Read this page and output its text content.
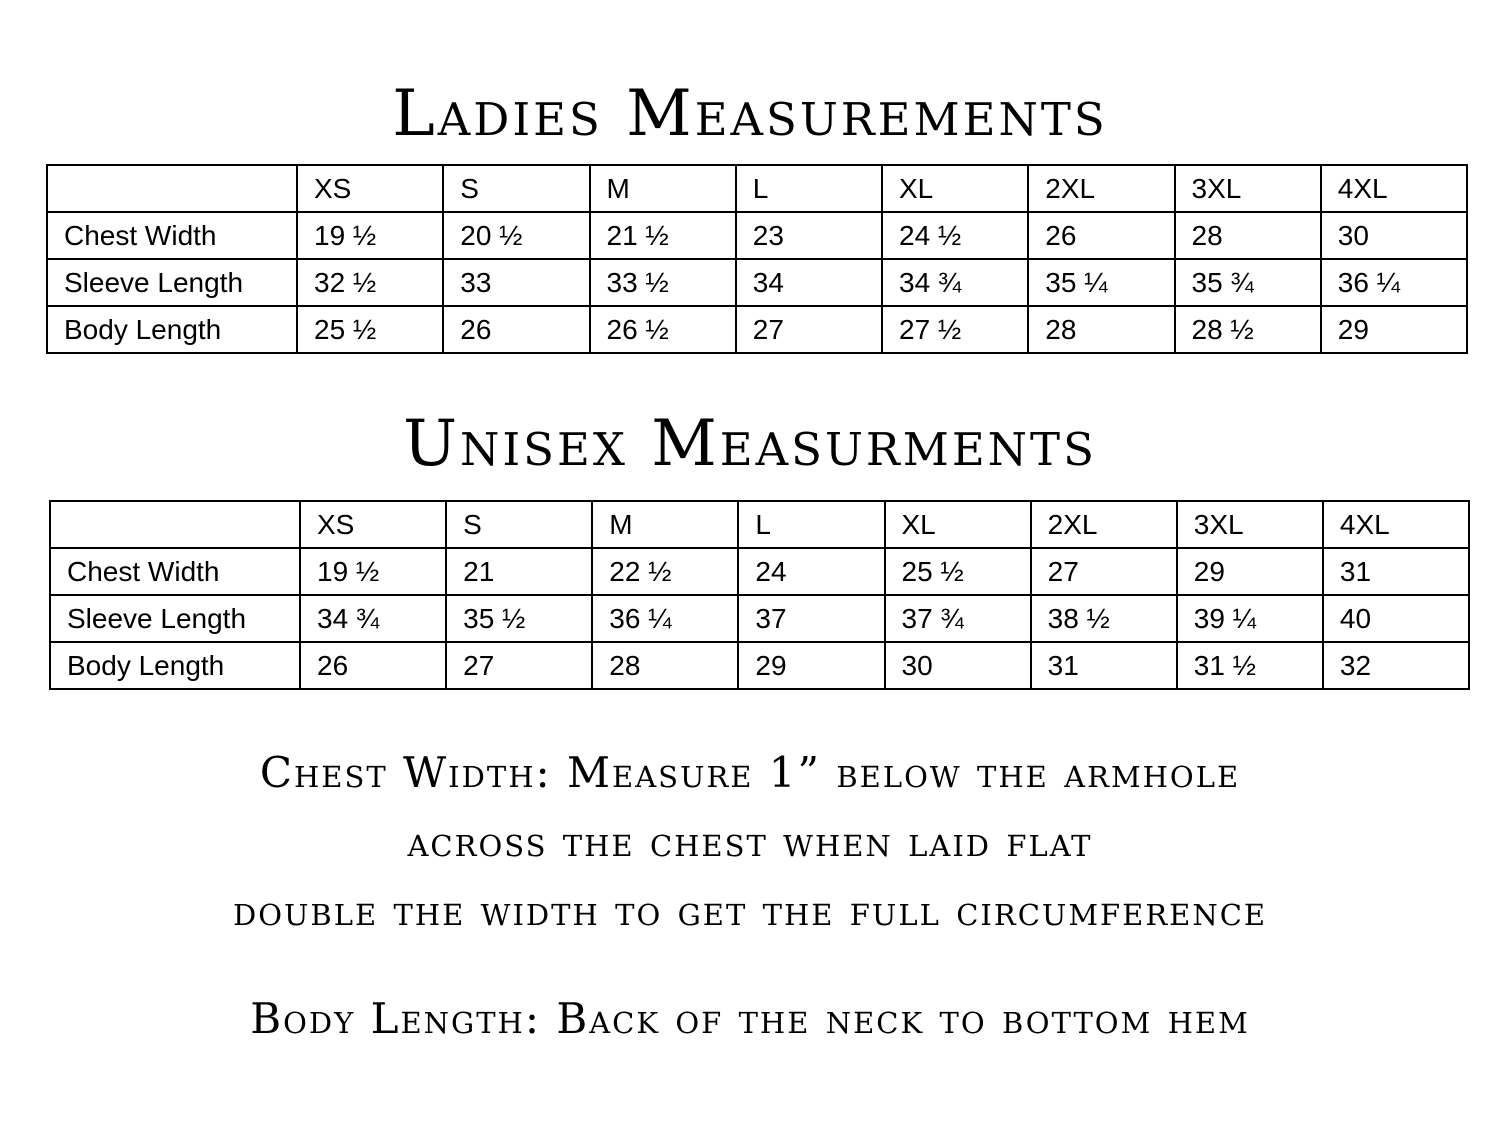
Ladies Measurements
	XS	S	M	L	XL	2XL	3XL	4XL
Chest Width	19 ½	20 ½	21 ½	23	24 ½	26	28	30
Sleeve Length	32 ½	33	33 ½	34	34 ¾	35 ¼	35 ¾	36 ¼
Body Length	25 ½	26	26 ½	27	27 ½	28	28 ½	29
Unisex Measurments
	XS	S	M	L	XL	2XL	3XL	4XL
Chest Width	19 ½	21	22 ½	24	25 ½	27	29	31
Sleeve Length	34 ¾	35 ½	36 ¼	37	37 ¾	38 ½	39 ¼	40
Body Length	26	27	28	29	30	31	31 ½	32
Chest Width: Measure 1” below the armhole
across the chest when laid flat
double the width to get the full circumference
Body Length: Back of the neck to bottom hem
